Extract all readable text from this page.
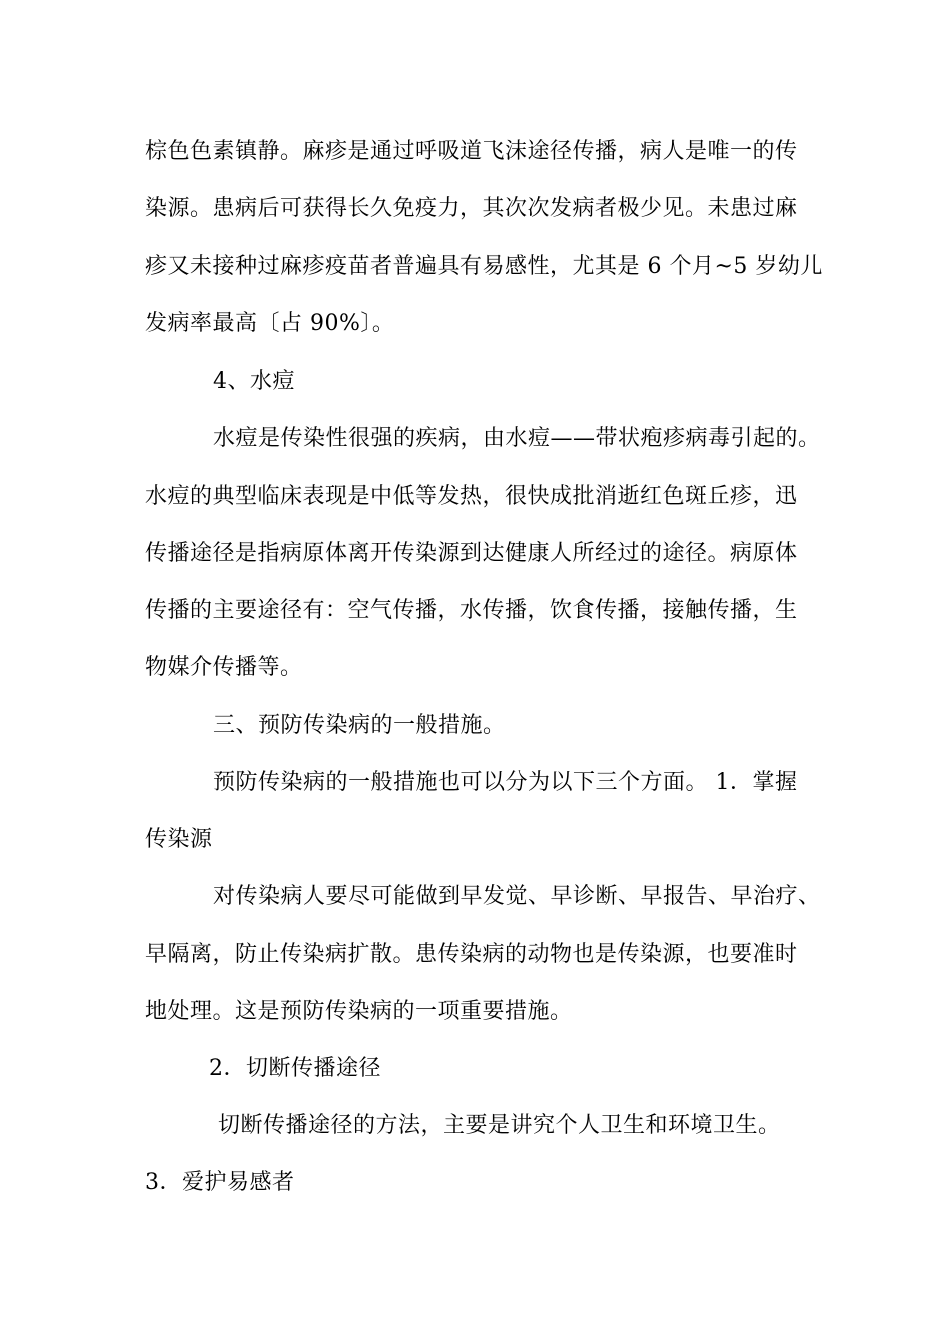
棕色色素镇静。麻疹是通过呼吸道飞沫途径传播，病人是唯一的传
染源。患病后可获得长久免疫力，其次次发病者极少见。未患过麻
疹又未接种过麻疹疫苗者普遍具有易感性，尤其是 6 个月~5 岁幼儿
发病率最高〔占 90%〕。
4、水痘
水痘是传染性很强的疾病，由水痘——带状疱疹病毒引起的。
水痘的典型临床表现是中低等发热，很快成批消逝红色斑丘疹，迅
传播途径是指病原体离开传染源到达健康人所经过的途径。病原体
传播的主要途径有：空气传播，水传播，饮食传播，接触传播，生
物媒介传播等。
三、预防传染病的一般措施。
预防传染病的一般措施也可以分为以下三个方面。 1．掌握
传染源
对传染病人要尽可能做到早发觉、早诊断、早报告、早治疗、
早隔离，防止传染病扩散。患传染病的动物也是传染源，也要准时
地处理。这是预防传染病的一项重要措施。
2．切断传播途径
切断传播途径的方法，主要是讲究个人卫生和环境卫生。
3．爱护易感者
